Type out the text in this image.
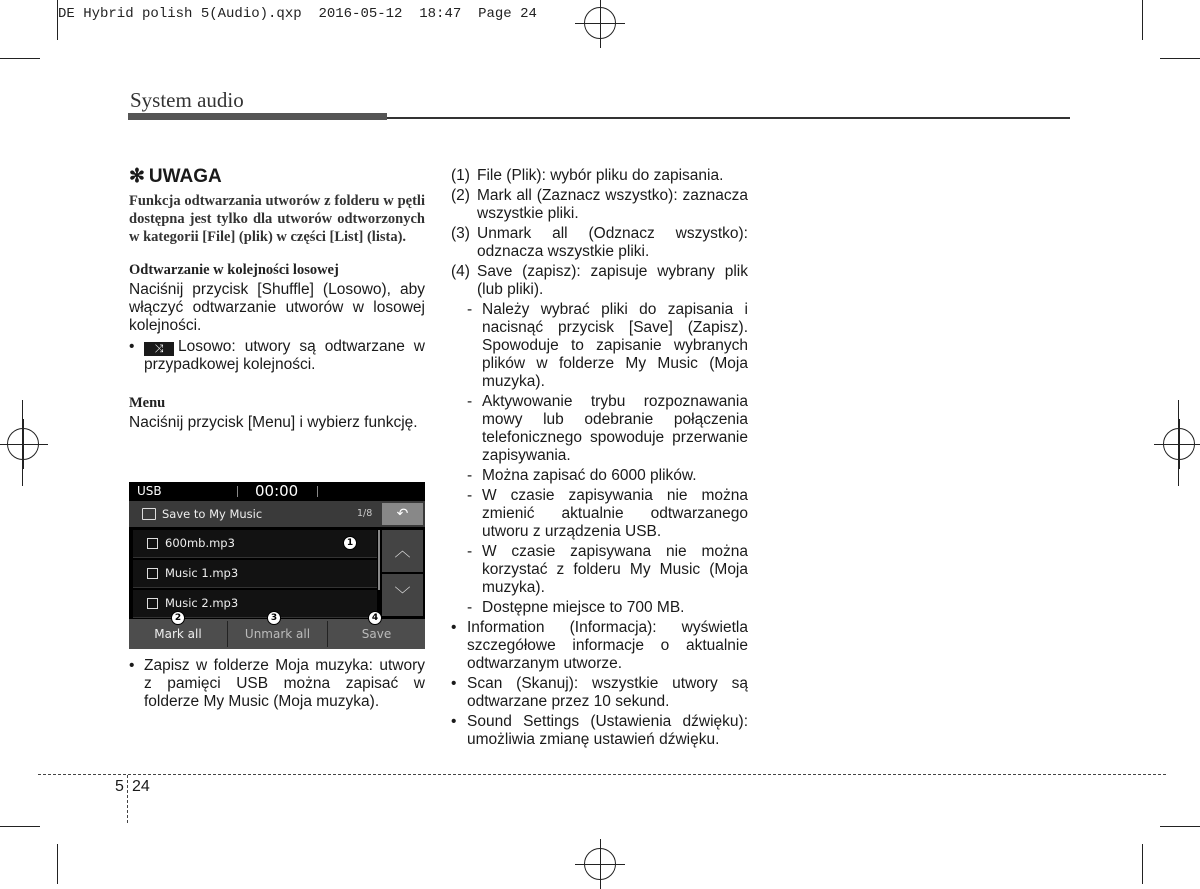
DE Hybrid polish 5(Audio).qxp  2016-05-12  18:47  Page 24
System audio
✻ UWAGA

Funkcja odtwarzania utworów z folderu w pętli dostępna jest tylko dla utworów odtworzonych w kategorii [File] (plik) w części [List] (lista).

Odtwarzanie w kolejności losowej

Naciśnij przycisk [Shuffle] (Losowo), aby włączyć odtwarzanie utworów w losowej kolejności.

•	⤨ Losowo: utwory są odtwarzane w przypadkowej kolejności.
Menu

Naciśnij przycisk [Menu] i wybierz funkcję.

USB	00:00
Save to My Music	1/8	↶
600mb.mp3
Music 1.mp3
Music 2.mp3
︿
﹀
Mark all	Unmark all	Save
1
2	3	4
• Zapisz w folderze Moja muzyka: utwory z pamięci USB można zapisać w folderze My Music (Moja muzyka).
(1) File (Plik): wybór pliku do zapisania.
(2) Mark all (Zaznacz wszystko): zaznacza wszystkie pliki.
(3) Unmark all (Odznacz wszystko): odznacza wszystkie pliki.
(4) Save (zapisz): zapisuje wybrany plik (lub pliki).
- Należy wybrać pliki do zapisania i nacisnąć przycisk [Save] (Zapisz). Spowoduje to zapisanie wybranych plików w folderze My Music (Moja muzyka).
- Aktywowanie trybu rozpoznawania mowy lub odebranie połączenia telefonicznego spowoduje przerwanie zapisywania.
- Można zapisać do 6000 plików.
- W czasie zapisywania nie można zmienić aktualnie odtwarzanego utworu z urządzenia USB.
- W czasie zapisywana nie można korzystać z folderu My Music (Moja muzyka).
- Dostępne miejsce to 700 MB.
• Information (Informacja): wyświetla szczegółowe informacje o aktualnie odtwarzanym utworze.
• Scan (Skanuj): wszystkie utwory są odtwarzane przez 10 sekund.
• Sound Settings (Ustawienia dźwięku): umożliwia zmianę ustawień dźwięku.
5 24
